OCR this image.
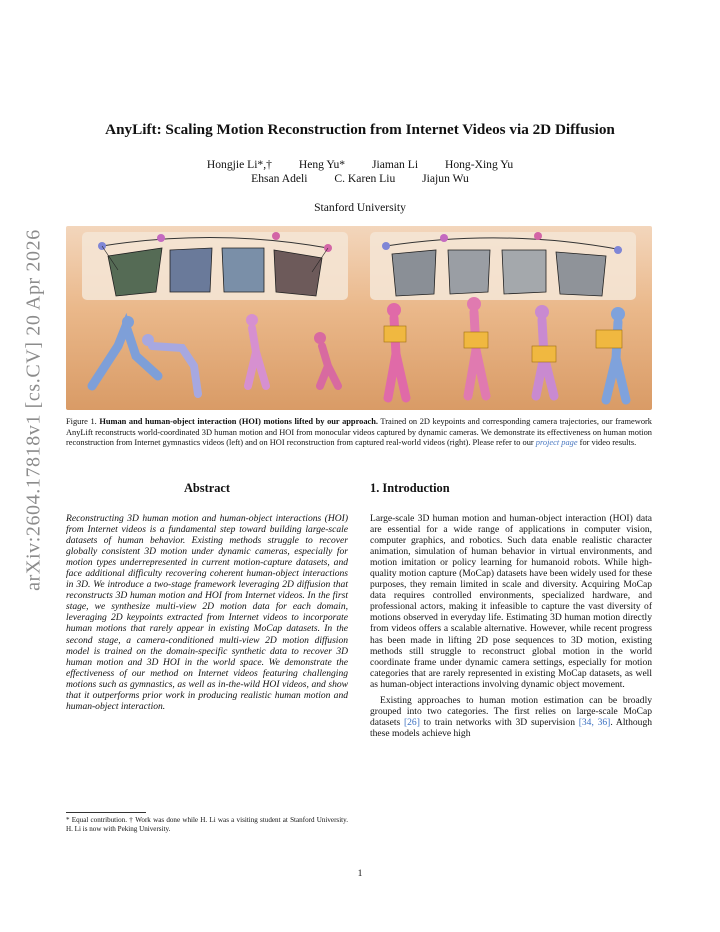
arXiv:2604.17818v1 [cs.CV] 20 Apr 2026
AnyLift: Scaling Motion Reconstruction from Internet Videos via 2D Diffusion
Hongjie Li*,† Heng Yu* Jiaman Li Hong-Xing Yu
Ehsan Adeli C. Karen Liu Jiajun Wu
Stanford University
Figure 1. Human and human-object interaction (HOI) motions lifted by our approach. Trained on 2D keypoints and corresponding camera trajectories, our framework AnyLift reconstructs world-coordinated 3D human motion and HOI from monocular videos captured by dynamic cameras. We demonstrate its effectiveness on human motion reconstruction from Internet gymnastics videos (left) and on HOI reconstruction from captured real-world videos (right). Please refer to our project page for video results.
Abstract	1. Introduction
Reconstructing 3D human motion and human-object interactions (HOI) from Internet videos is a fundamental step toward building large-scale datasets of human behavior. Existing methods struggle to recover globally consistent 3D motion under dynamic cameras, especially for motion types underrepresented in current motion-capture datasets, and face additional difficulty recovering coherent human-object interactions in 3D. We introduce a two-stage framework leveraging 2D diffusion that reconstructs 3D human motion and HOI from Internet videos. In the first stage, we synthesize multi-view 2D motion data for each domain, leveraging 2D keypoints extracted from Internet videos to incorporate human motions that rarely appear in existing MoCap datasets. In the second stage, a camera-conditioned multi-view 2D motion diffusion model is trained on the domain-specific synthetic data to recover 3D human motion and 3D HOI in the world space. We demonstrate the effectiveness of our method on Internet videos featuring challenging motions such as gymnastics, as well as in-the-wild HOI videos, and show that it outperforms prior work in producing realistic human motion and human-object interaction.
* Equal contribution. † Work was done while H. Li was a visiting student at Stanford University. H. Li is now with Peking University.

Large-scale 3D human motion and human-object interaction (HOI) data are essential for a wide range of applications in computer vision, computer graphics, and robotics. Such data enable realistic character animation, simulation of human behavior in virtual environments, and motion imitation or policy learning for humanoid robots. While high-quality motion capture (MoCap) datasets have been widely used for these purposes, they remain limited in scale and diversity. Acquiring MoCap data requires controlled environments, specialized hardware, and professional actors, making it infeasible to capture the vast diversity of motions observed in everyday life. Estimating 3D human motion directly from videos offers a scalable alternative. However, while recent progress has been made in lifting 2D pose sequences to 3D motion, existing methods still struggle to reconstruct global motion in the world coordinate frame under dynamic camera settings, especially for motion categories that are rarely represented in existing MoCap datasets, as well as human-object interactions involving dynamic object movement.

Existing approaches to human motion estimation can be broadly grouped into two categories. The first relies on large-scale MoCap datasets [26] to train networks with 3D supervision [34, 36]. Although these models achieve high

1
